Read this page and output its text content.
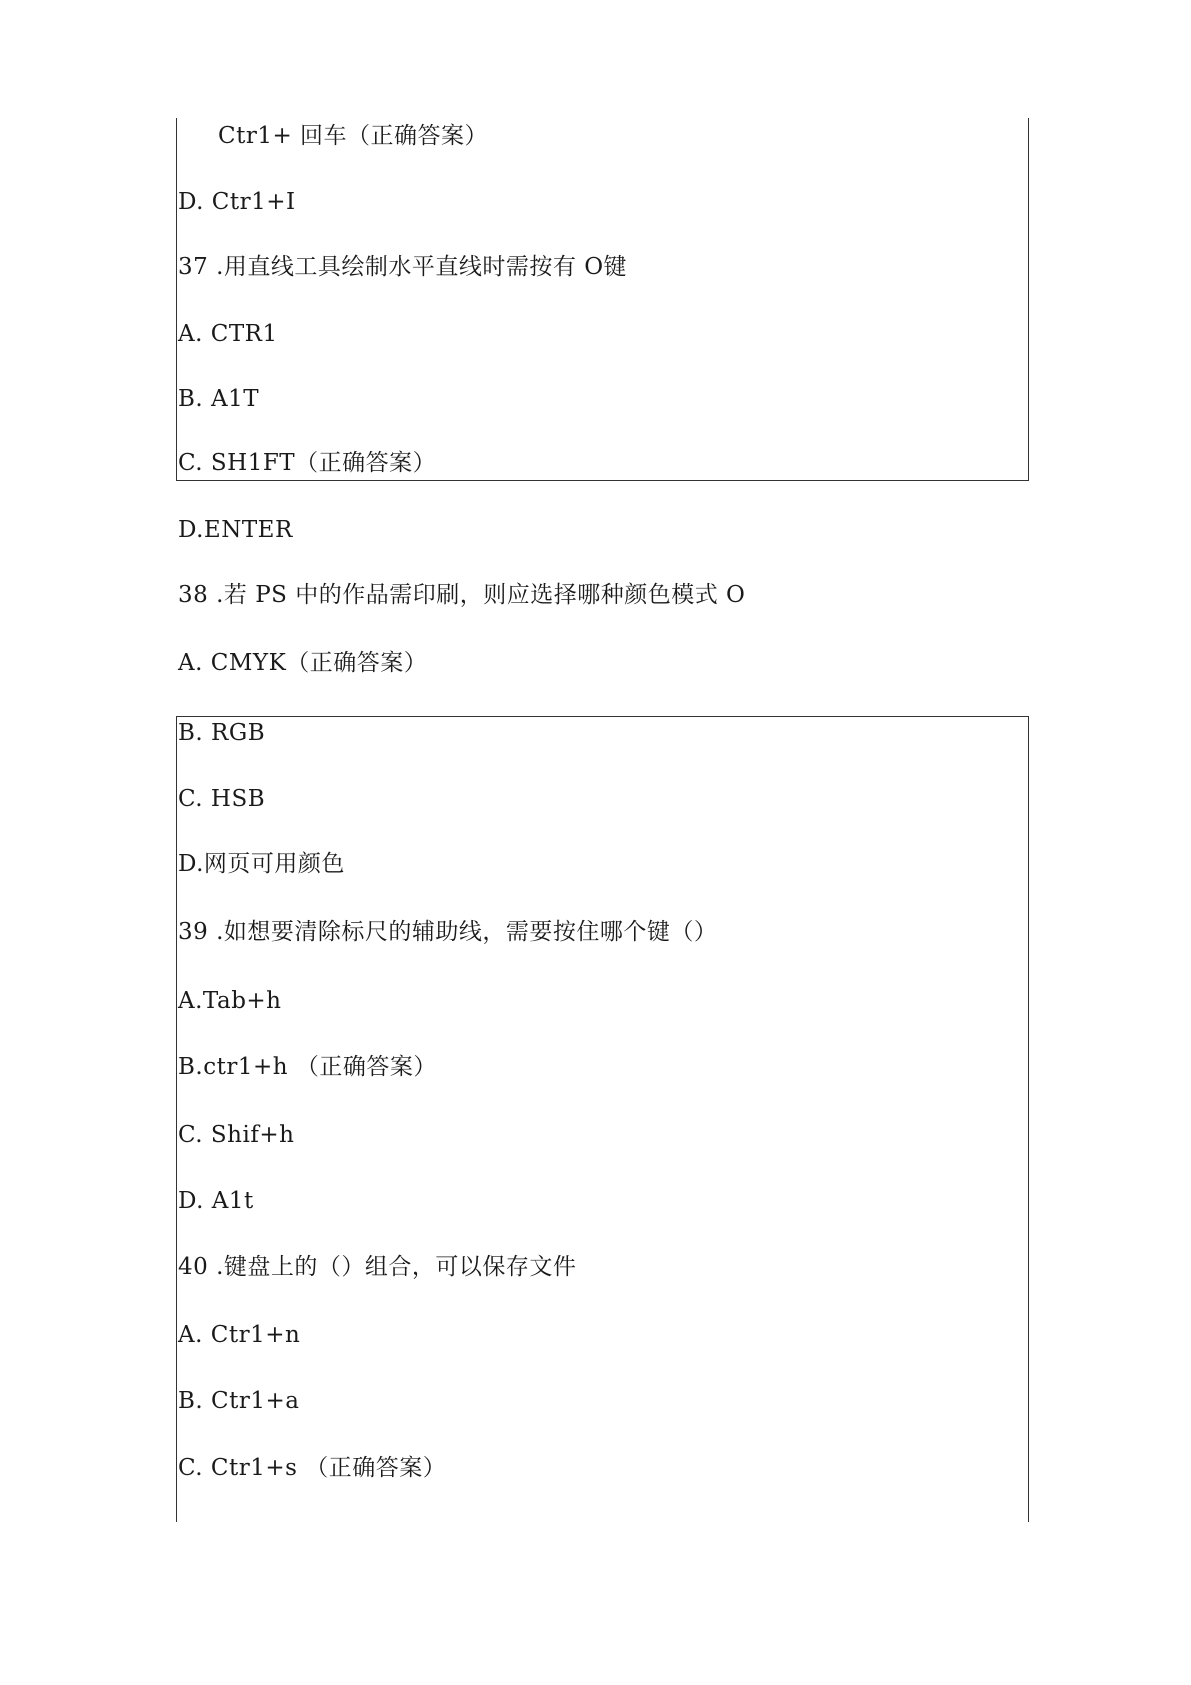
Ctr1+ 回车（正确答案）
D. Ctr1+I
37 .用直线工具绘制水平直线时需按有 O键
A. CTR1
B. A1T
C. SH1FT（正确答案）
D.ENTER
38 .若 PS 中的作品需印刷，则应选择哪种颜色模式 O
A. CMYK（正确答案）
B. RGB
C. HSB
D.网页可用颜色
39 .如想要清除标尺的辅助线，需要按住哪个键（）
A.Tab+h
B.ctr1+h （正确答案）
C. Shif+h
D. A1t
40 .键盘上的（）组合，可以保存文件
A. Ctr1+n
B. Ctr1+a
C. Ctr1+s （正确答案）
